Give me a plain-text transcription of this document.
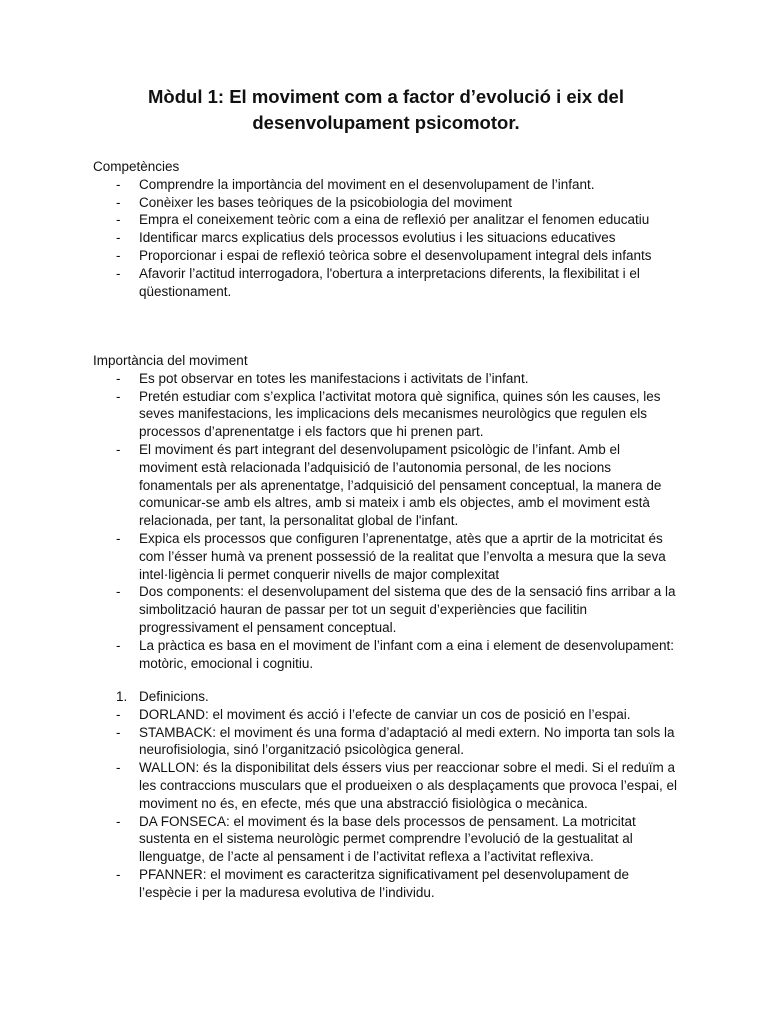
Mòdul 1: El moviment com a factor d’evolució i eix del desenvolupament psicomotor.

Competències

- Comprendre la importància del moviment en el desenvolupament de l’infant.
- Conèixer les bases teòriques de la psicobiologia del moviment
- Empra el coneixement teòric com a eina de reflexió per analitzar el fenomen educatiu
- Identificar marcs explicatius dels processos evolutius i les situacions educatives
- Proporcionar i espai de reflexió teòrica sobre el desenvolupament integral dels infants
- Afavorir l’actitud interrogadora, l'obertura a interpretacions diferents, la flexibilitat i el qüestionament.

Importància del moviment

- Es pot observar en totes les manifestacions i activitats de l’infant.
- Pretén estudiar com s’explica l’activitat motora què significa, quines són les causes, les seves manifestacions, les implicacions dels mecanismes neurològics que regulen els processos d’aprenentatge i els factors que hi prenen part.
- El moviment és part integrant del desenvolupament psicològic de l’infant. Amb el moviment està relacionada l’adquisició de l’autonomia personal, de les nocions fonamentals per als aprenentatge, l’adquisició del pensament conceptual, la manera de comunicar-se amb els altres, amb si mateix i amb els objectes, amb el moviment està relacionada, per tant, la personalitat global de l'infant.
- Expica els processos que configuren l’aprenentatge, atès que a aprtir de la motricitat és com l’ésser humà va prenent possessió de la realitat que l’envolta a mesura que la seva intel·ligència li permet conquerir nivells de major complexitat
- Dos components: el desenvolupament del sistema que des de la sensació fins arribar a la simbolització hauran de passar per tot un seguit d’experiències que facilitin progressivament el pensament conceptual.
- La pràctica es basa en el moviment de l’infant com a eina i element de desenvolupament: motòric, emocional i cognitiu.
1. Definicions.
- DORLAND: el moviment és acció i l’efecte de canviar un cos de posició en l’espai.
- STAMBACK: el moviment és una forma d’adaptació al medi extern. No importa tan sols la neurofisiologia, sinó l’organització psicològica general.
- WALLON: és la disponibilitat dels éssers vius per reaccionar sobre el medi. Si el reduïm a les contraccions musculars que el produeixen o als desplaçaments que provoca l’espai, el moviment no és, en efecte, més que una abstracció fisiològica o mecànica.
- DA FONSECA: el moviment és la base dels processos de pensament. La motricitat sustenta en el sistema neurològic permet comprendre l’evolució de la gestualitat al llenguatge, de l’acte al pensament i de l’activitat reflexa a l’activitat reflexiva.
- PFANNER: el moviment es caracteritza significativament pel desenvolupament de l’espècie i per la maduresa evolutiva de l’individu.
